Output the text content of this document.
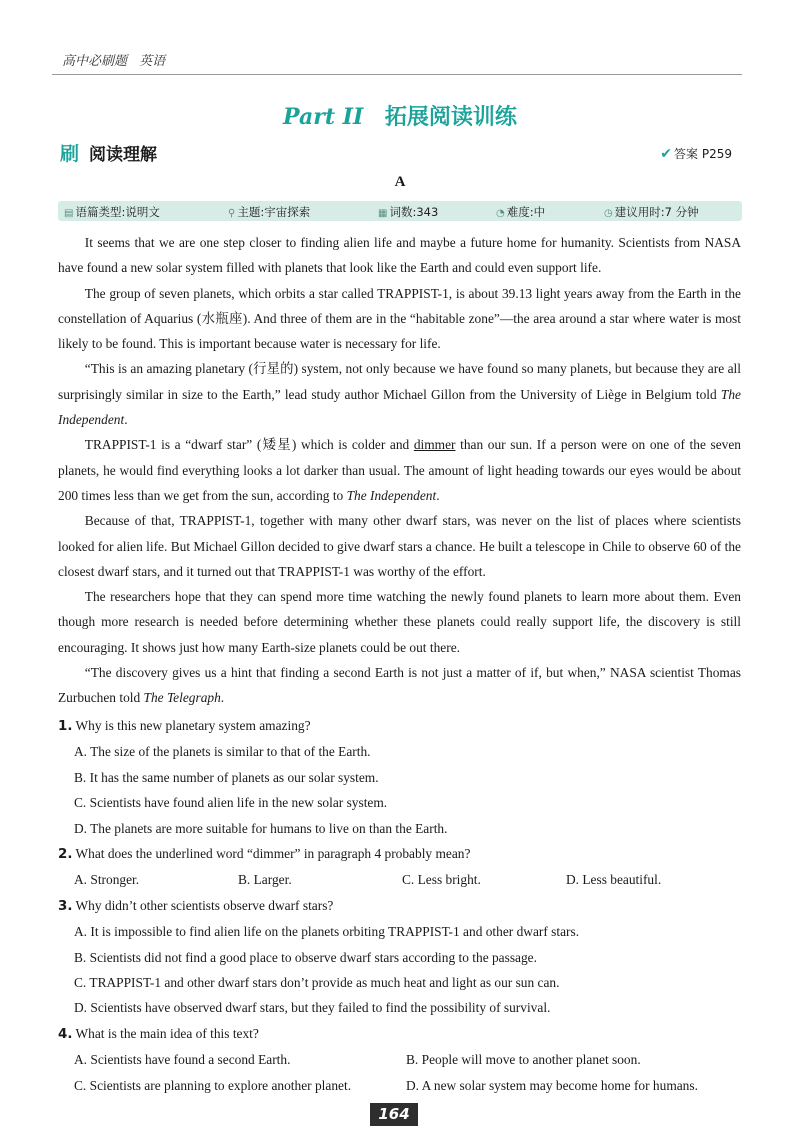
高中必刷题 英语
Part II 拓展阅读训练
刷 阅读理解	✔ 答案 P259
A
▤ 语篇类型:说明文	⚲ 主题:宇宙探索	▦ 词数:343	◔ 难度:中	◷ 建议用时:7 分钟

It seems that we are one step closer to finding alien life and maybe a future home for humanity. Scientists from NASA have found a new solar system filled with planets that look like the Earth and could even support life.

The group of seven planets, which orbits a star called TRAPPIST-1, is about 39.13 light years away from the Earth in the constellation of Aquarius (水瓶座). And three of them are in the “habitable zone”—the area around a star where water is most likely to be found. This is important because water is necessary for life.

“This is an amazing planetary (行星的) system, not only because we have found so many planets, but because they are all surprisingly similar in size to the Earth,” lead study author Michael Gillon from the University of Liège in Belgium told The Independent.

TRAPPIST-1 is a “dwarf star” (矮星) which is colder and dimmer than our sun. If a person were on one of the seven planets, he would find everything looks a lot darker than usual. The amount of light heading towards our eyes would be about 200 times less than we get from the sun, according to The Independent.

Because of that, TRAPPIST-1, together with many other dwarf stars, was never on the list of places where scientists looked for alien life. But Michael Gillon decided to give dwarf stars a chance. He built a telescope in Chile to observe 60 of the closest dwarf stars, and it turned out that TRAPPIST-1 was worthy of the effort.

The researchers hope that they can spend more time watching the newly found planets to learn more about them. Even though more research is needed before determining whether these planets could really support life, the discovery is still encouraging. It shows just how many Earth-size planets could be out there.

“The discovery gives us a hint that finding a second Earth is not just a matter of if, but when,” NASA scientist Thomas Zurbuchen told The Telegraph.

1. Why is this new planetary system amazing?

A. The size of the planets is similar to that of the Earth.

B. It has the same number of planets as our solar system.

C. Scientists have found alien life in the new solar system.

D. The planets are more suitable for humans to live on than the Earth.

2. What does the underlined word “dimmer” in paragraph 4 probably mean?

A. Stronger.	B. Larger.	C. Less bright.	D. Less beautiful.

3. Why didn’t other scientists observe dwarf stars?

A. It is impossible to find alien life on the planets orbiting TRAPPIST-1 and other dwarf stars.

B. Scientists did not find a good place to observe dwarf stars according to the passage.

C. TRAPPIST-1 and other dwarf stars don’t provide as much heat and light as our sun can.

D. Scientists have observed dwarf stars, but they failed to find the possibility of survival.

4. What is the main idea of this text?

A. Scientists have found a second Earth.	B. People will move to another planet soon.
C. Scientists are planning to explore another planet.	D. A new solar system may become home for humans.
164
